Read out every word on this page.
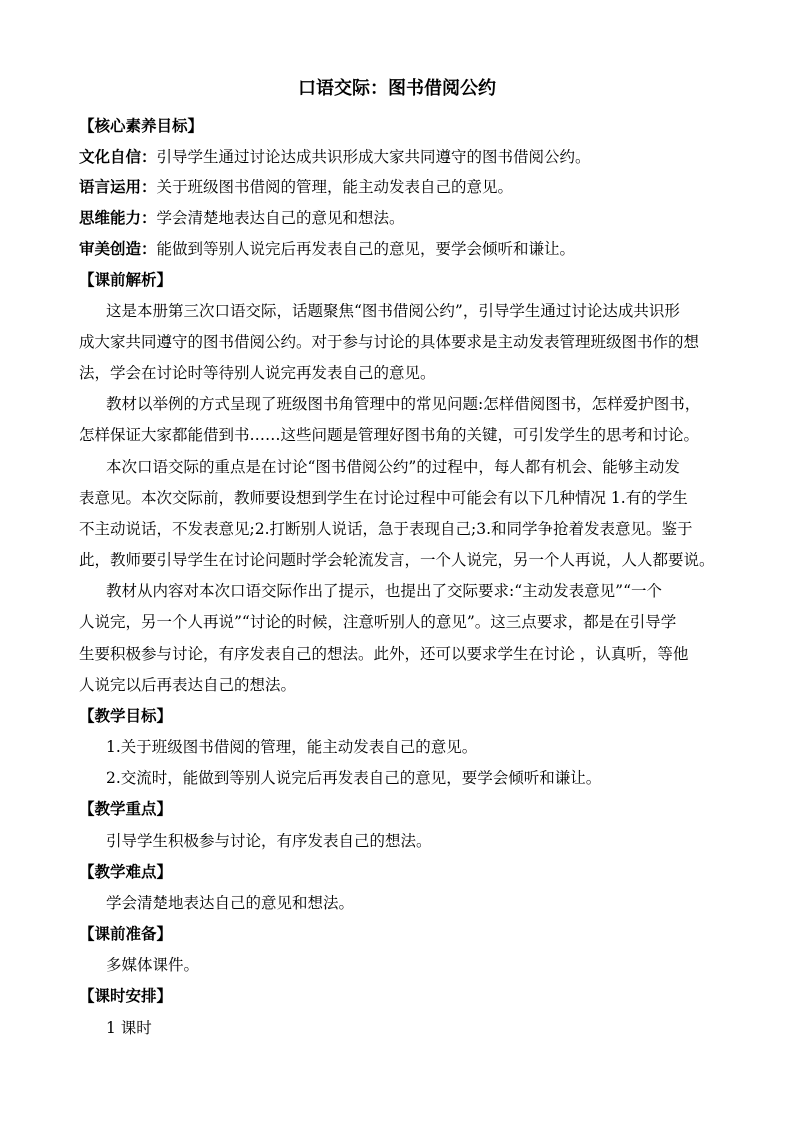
口语交际：图书借阅公约
【核心素养目标】
文化自信：引导学生通过讨论达成共识形成大家共同遵守的图书借阅公约。
语言运用：关于班级图书借阅的管理，能主动发表自己的意见。
思维能力：学会清楚地表达自己的意见和想法。
审美创造：能做到等别人说完后再发表自己的意见，要学会倾听和谦让。
【课前解析】
这是本册第三次口语交际，话题聚焦“图书借阅公约”，引导学生通过讨论达成共识形
成大家共同遵守的图书借阅公约。对于参与讨论的具体要求是主动发表管理班级图书作的想
法，学会在讨论时等待别人说完再发表自己的意见。
教材以举例的方式呈现了班级图书角管理中的常见问题:怎样借阅图书，怎样爱护图书，
怎样保证大家都能借到书……这些问题是管理好图书角的关键，可引发学生的思考和讨论。
本次口语交际的重点是在讨论“图书借阅公约”的过程中，每人都有机会、能够主动发
表意见。本次交际前，教师要设想到学生在讨论过程中可能会有以下几种情况 1.有的学生
不主动说话，不发表意见;2.打断别人说话，急于表现自己;3.和同学争抢着发表意见。鉴于
此，教师要引导学生在讨论问题时学会轮流发言，一个人说完，另一个人再说，人人都要说。
教材从内容对本次口语交际作出了提示，也提出了交际要求:“主动发表意见”“一个
人说完，另一个人再说”“讨论的时候，注意听别人的意见”。这三点要求，都是在引导学
生要积极参与讨论，有序发表自己的想法。此外，还可以要求学生在讨论 ，认真听，等他
人说完以后再表达自己的想法。
【教学目标】
1.关于班级图书借阅的管理，能主动发表自己的意见。
2.交流时，能做到等别人说完后再发表自己的意见，要学会倾听和谦让。
【教学重点】
引导学生积极参与讨论，有序发表自己的想法。
【教学难点】
学会清楚地表达自己的意见和想法。
【课前准备】
多媒体课件。
【课时安排】
1 课时
